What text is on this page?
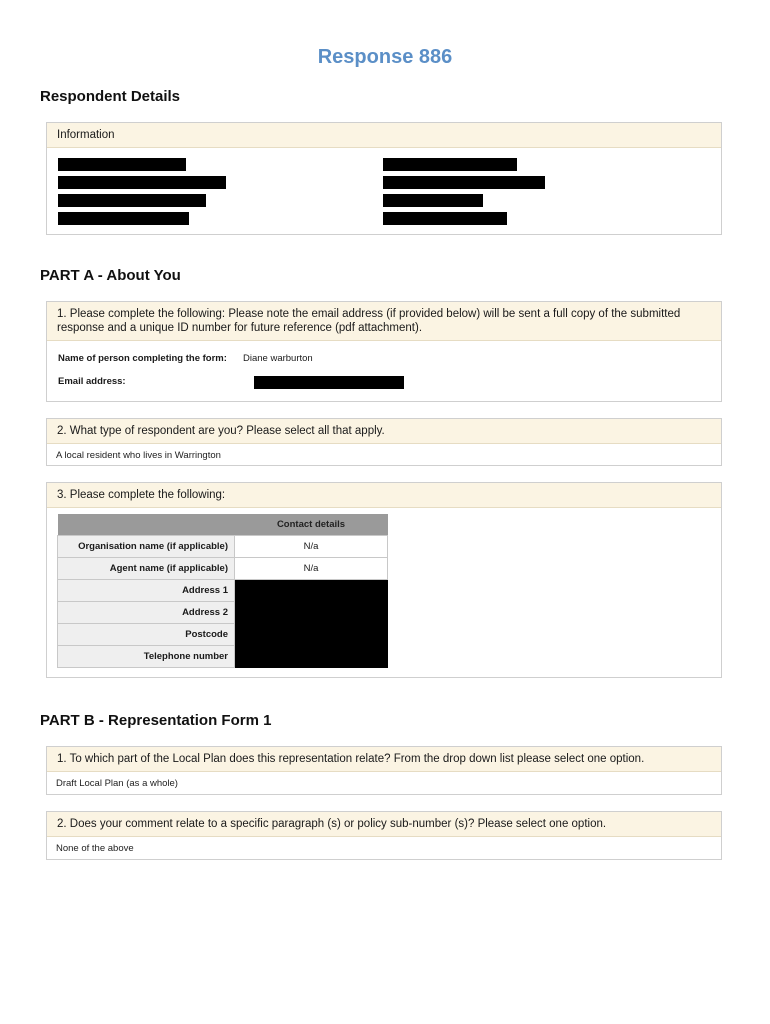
Response 886
Respondent Details
Information
PART A - About You
1. Please complete the following: Please note the email address (if provided below) will be sent a full copy of the submitted response and a unique ID number for future reference (pdf attachment).
Name of person completing the form: Diane warburton
Email address:
2. What type of respondent are you? Please select all that apply.
A local resident who lives in Warrington
3. Please complete the following:
	Contact details
Organisation name (if applicable)	N/a
Agent name (if applicable)	N/a
Address 1	
Address 2	
Postcode	
Telephone number	
PART B - Representation Form 1
1. To which part of the Local Plan does this representation relate? From the drop down list please select one option.
Draft Local Plan (as a whole)
2. Does your comment relate to a specific paragraph (s) or policy sub-number (s)? Please select one option.
None of the above
